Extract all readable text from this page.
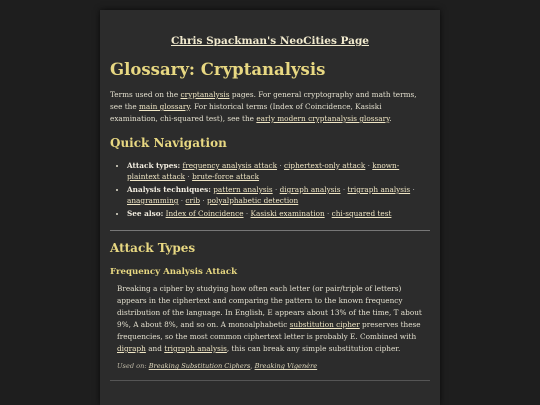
Chris Spackman's NeoCities Page
Glossary: Cryptanalysis

Terms used on the cryptanalysis pages. For general cryptography and math terms, see the main glossary. For historical terms (Index of Coincidence, Kasiski examination, chi-squared test), see the early modern cryptanalysis glossary.

Quick Navigation
• Attack types: frequency analysis attack · ciphertext-only attack · known-plaintext attack · brute-force attack
• Analysis techniques: pattern analysis · digraph analysis · trigraph analysis · anagramming · crib · polyalphabetic detection
• See also: Index of Coincidence · Kasiski examination · chi-squared test
Attack Types
Frequency Analysis Attack
Breaking a cipher by studying how often each letter (or pair/triple of letters) appears in the ciphertext and comparing the pattern to the known frequency distribution of the language. In English, E appears about 13% of the time, T about 9%, A about 8%, and so on. A monoalphabetic substitution cipher preserves these frequencies, so the most common ciphertext letter is probably E. Combined with digraph and trigraph analysis, this can break any simple substitution cipher.
Used on: Breaking Substitution Ciphers, Breaking Vigenère
